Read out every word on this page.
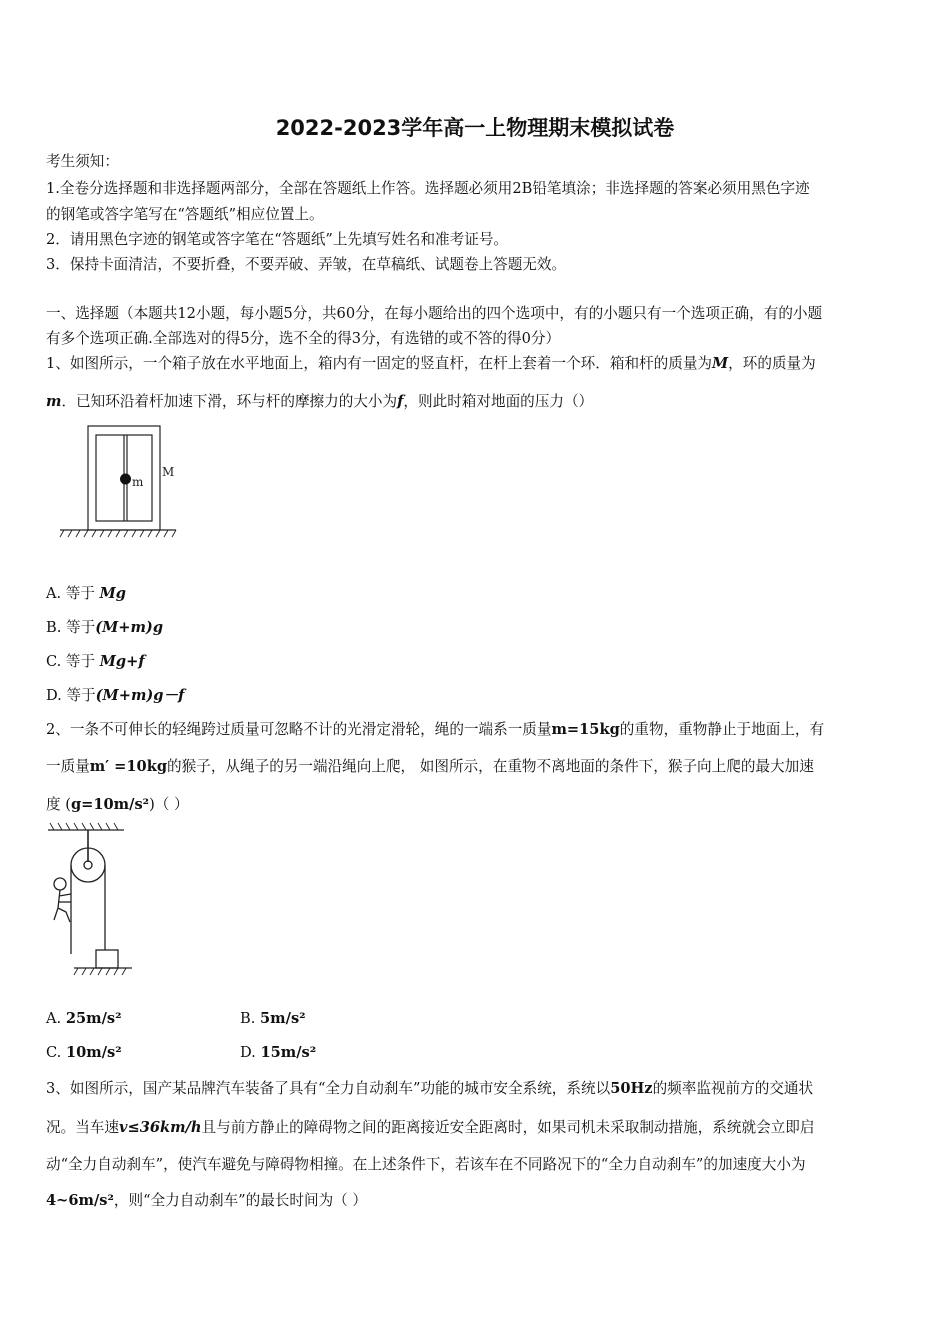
2022-2023学年高一上物理期末模拟试卷
考生须知：
1.全卷分选择题和非选择题两部分，全部在答题纸上作答。选择题必须用2B铅笔填涂；非选择题的答案必须用黑色字迹
的钢笔或答字笔写在“答题纸”相应位置上。
2．请用黑色字迹的钢笔或答字笔在“答题纸”上先填写姓名和准考证号。
3．保持卡面清洁，不要折叠，不要弄破、弄皱，在草稿纸、试题卷上答题无效。
一、选择题（本题共12小题，每小题5分，共60分，在每小题给出的四个选项中，有的小题只有一个选项正确，有的小题
有多个选项正确.全部选对的得5分，选不全的得3分，有选错的或不答的得0分）
1、如图所示，一个箱子放在水平地面上，箱内有一固定的竖直杆，在杆上套着一个环．箱和杆的质量为M，环的质量为
m．已知环沿着杆加速下滑，环与杆的摩擦力的大小为f，则此时箱对地面的压力（）
m
M
A. 等于 Mg
B. 等于(M+m)g
C. 等于 Mg+f
D. 等于(M+m)g－f
2、一条不可伸长的轻绳跨过质量可忽略不计的光滑定滑轮，绳的一端系一质量m=15kg的重物，重物静止于地面上，有
一质量m′ =10kg的猴子，从绳子的另一端沿绳向上爬， 如图所示，在重物不离地面的条件下，猴子向上爬的最大加速
度 (g=10m/s²)（ ）
A. 25m/s²	B. 5m/s²
C. 10m/s²	D. 15m/s²
3、如图所示，国产某品牌汽车装备了具有“全力自动刹车”功能的城市安全系统，系统以50Hz的频率监视前方的交通状
况。当车速v≤36km/h且与前方静止的障碍物之间的距离接近安全距离时，如果司机未采取制动措施，系统就会立即启
动“全力自动刹车”，使汽车避免与障碍物相撞。在上述条件下，若该车在不同路况下的“全力自动刹车”的加速度大小为
4~6m/s²，则“全力自动刹车”的最长时间为（ ）
